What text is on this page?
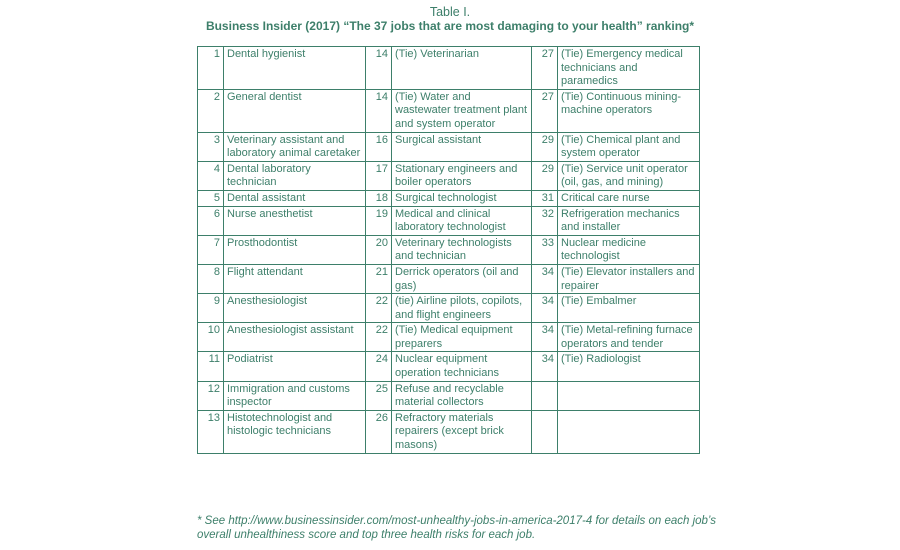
Table I.
Business Insider (2017) “The 37 jobs that are most damaging to your health” ranking*
1	Dental hygienist	14	(Tie) Veterinarian	27	(Tie) Emergency medical technicians and paramedics
2	General dentist	14	(Tie) Water and wastewater treatment plant and system operator	27	(Tie) Continuous mining-machine operators
3	Veterinary assistant and laboratory animal caretaker	16	Surgical assistant	29	(Tie) Chemical plant and system operator
4	Dental laboratory technician	17	Stationary engineers and boiler operators	29	(Tie) Service unit operator (oil, gas, and mining)
5	Dental assistant	18	Surgical technologist	31	Critical care nurse
6	Nurse anesthetist	19	Medical and clinical laboratory technologist	32	Refrigeration mechanics and installer
7	Prosthodontist	20	Veterinary technologists and technician	33	Nuclear medicine technologist
8	Flight attendant	21	Derrick operators (oil and gas)	34	(Tie) Elevator installers and repairer
9	Anesthesiologist	22	(tie) Airline pilots, copilots, and flight engineers	34	(Tie) Embalmer
10	Anesthesiologist assistant	22	(Tie) Medical equipment preparers	34	(Tie) Metal-refining furnace operators and tender
11	Podiatrist	24	Nuclear equipment operation technicians	34	(Tie) Radiologist
12	Immigration and customs inspector	25	Refuse and recyclable material collectors		
13	Histotechnologist and histologic technicians	26	Refractory materials repairers (except brick masons)		
* See http://www.businessinsider.com/most-unhealthy-jobs-in-america-2017-4 for details on each job’s overall unhealthiness score and top three health risks for each job.
